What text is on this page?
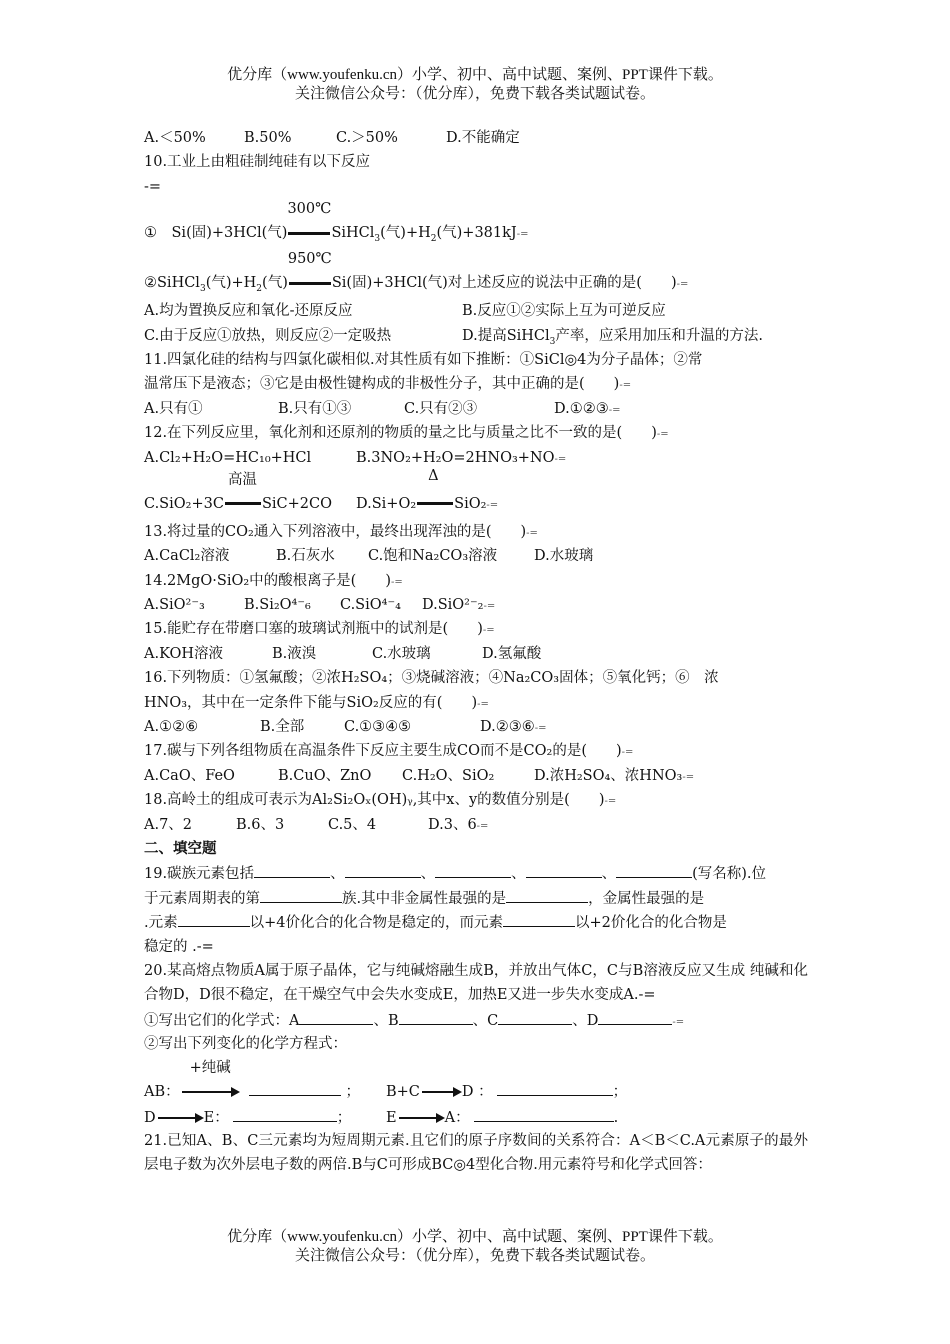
优分库（www.youfenku.cn）小学、初中、高中试题、案例、PPT课件下载。
关注微信公众号：（优分库），免费下载各类试题试卷。
A.＜50%	B.50%	C.＞50%	D.不能确定
10.工业上由粗硅制纯硅有以下反应
-=
①　Si(固)+3HCl(气)
300℃
SiHCl$_3$(气)$+H_2$(气)+381kJ-=
②SiHCl$_3$(气)$+H_2$(气)
950℃
Si(固)+3HCl(气)对上述反应的说法中正确的是(　　)-=
A.均为置换反应和氧化-还原反应	B.反应①②实际上互为可逆反应
C.由于反应①放热，则反应②一定吸热	D.提高SiHCl$_3$产率，应采用加压和升温的方法.
11.四氯化硅的结构与四氯化碳相似.对其性质有如下推断：①SiCl◎4为分子晶体；②常
温常压下是液态；③它是由极性键构成的非极性分子，其中正确的是(　　)-=
A.只有①	B.只有①③	C.只有②③	D.①②③-=
12.在下列反应里，氧化剂和还原剂的物质的量之比与质量之比不一致的是(　　)-=
A.Cl₂+H₂O=HC₁₀+HCl	B.3NO₂+H₂O=2HNO₃+NO-=
C.SiO₂+3C
高温
SiC+2CO D.Si+O₂
Δ
SiO₂-=
13.将过量的CO₂通入下列溶液中，最终出现浑浊的是(　　)-=
A.CaCl₂溶液	B.石灰水 C.饱和Na₂CO₃溶液	D.水玻璃
14.2MgO·SiO₂中的酸根离子是(　　)-=
A.SiO²⁻₃	B.Si₂O⁴⁻₆ C.SiO⁴⁻₄ D.SiO²⁻₂-=
15.能贮存在带磨口塞的玻璃试剂瓶中的试剂是(　　)-=
A.KOH溶液	B.液溴	C.水玻璃	D.氢氟酸
16.下列物质：①氢氟酸；②浓H₂SO₄；③烧碱溶液；④Na₂CO₃固体；⑤氧化钙；⑥　浓
HNO₃，其中在一定条件下能与SiO₂反应的有(　　)-=
A.①②⑥	B.全部	C.①③④⑤	D.②③⑥-=
17.碳与下列各组物质在高温条件下反应主要生成CO而不是CO₂的是(　　)-=
A.CaO、FeO	B.CuO、ZnO C.H₂O、SiO₂	D.浓H₂SO₄、浓HNO₃-=
18.高岭土的组成可表示为Al₂Si₂Oₓ(OH)ᵧ,其中x、y的数值分别是(　　)-=
A.7、2	B.6、3	C.5、4	D.3、6-=
二、填空题
19.碳族元素包括	、	、	、	、	(写名称).位
于元素周期表的第	族.其中非金属性最强的是	，金属性最强的是
.元素	以+4价化合的化合物是稳定的，而元素	以+2价化合的化合物是
稳定的 .-=
20.某高熔点物质A属于原子晶体，它与纯碱熔融生成B，并放出气体C，C与B溶液反应又生成 纯碱和化合物D，D很不稳定，在干燥空气中会失水变成E，加热E又进一步失水变成A.-=
①写出它们的化学式：A	、B	、C	、D	-=
②写出下列变化的化学方程式：
AB：
+纯碱
； B+C	D ：	；
D	E：	； E	A：	.
21.已知A、B、C三元素均为短周期元素.且它们的原子序数间的关系符合：A＜B＜C.A元素原子的最外层电子数为次外层电子数的两倍.B与C可形成BC◎4型化合物.用元素符号和化学式回答：
优分库（www.youfenku.cn）小学、初中、高中试题、案例、PPT课件下载。
关注微信公众号：（优分库），免费下载各类试题试卷。
